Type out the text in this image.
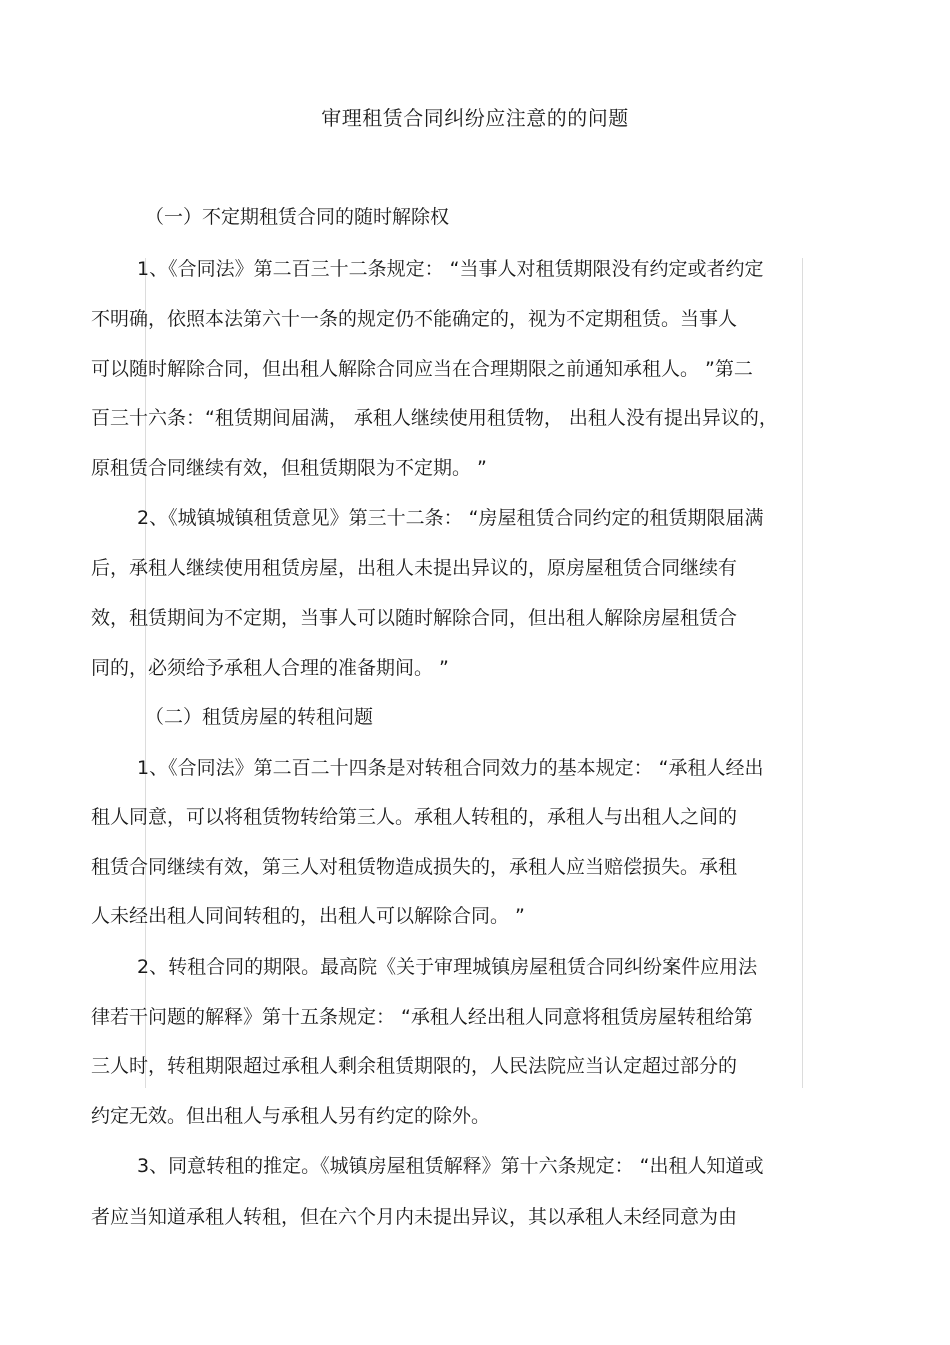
审理租赁合同纠纷应注意的的问题
（一）不定期租赁合同的随时解除权
1、《合同法》第二百三十二条规定： “当事人对租赁期限没有约定或者约定
不明确，依照本法第六十一条的规定仍不能确定的，视为不定期租赁。当事人
可以随时解除合同，但出租人解除合同应当在合理期限之前通知承租人。 ”第二
百三十六条：“租赁期间届满， 承租人继续使用租赁物， 出租人没有提出异议的，
原租赁合同继续有效，但租赁期限为不定期。 ”
2、《城镇城镇租赁意见》第三十二条： “房屋租赁合同约定的租赁期限届满
后，承租人继续使用租赁房屋，出租人未提出异议的，原房屋租赁合同继续有
效，租赁期间为不定期，当事人可以随时解除合同，但出租人解除房屋租赁合
同的，必须给予承租人合理的准备期间。 ”
（二）租赁房屋的转租问题
1、《合同法》第二百二十四条是对转租合同效力的基本规定： “承租人经出
租人同意，可以将租赁物转给第三人。承租人转租的，承租人与出租人之间的
租赁合同继续有效，第三人对租赁物造成损失的，承租人应当赔偿损失。承租
人未经出租人同间转租的，出租人可以解除合同。 ”
2、转租合同的期限。最高院《关于审理城镇房屋租赁合同纠纷案件应用法
律若干问题的解释》第十五条规定： “承租人经出租人同意将租赁房屋转租给第
三人时，转租期限超过承租人剩余租赁期限的，人民法院应当认定超过部分的
约定无效。但出租人与承租人另有约定的除外。
3、同意转租的推定。《城镇房屋租赁解释》第十六条规定： “出租人知道或
者应当知道承租人转租，但在六个月内未提出异议，其以承租人未经同意为由
